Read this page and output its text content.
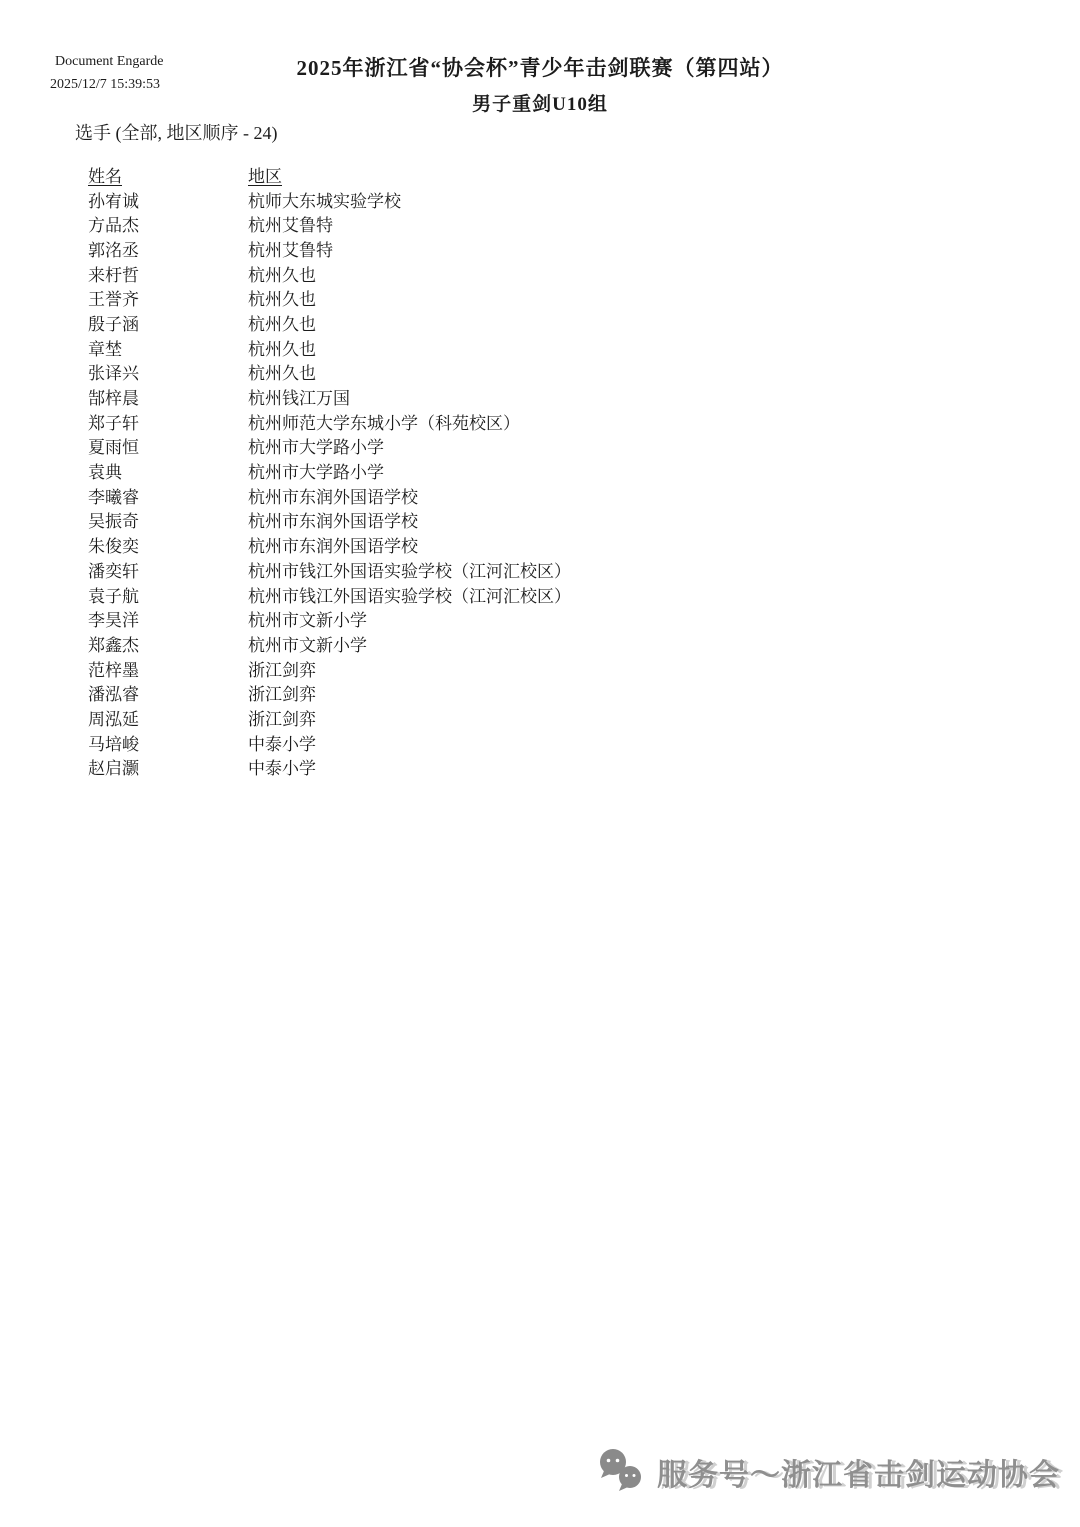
Document Engarde
2025/12/7 15:39:53
2025年浙江省“协会杯”青少年击剑联赛（第四站）
男子重剑U10组
选手 (全部, 地区顺序 - 24)
姓名	地区
孙宥诚	杭师大东城实验学校
方品杰	杭州艾鲁特
郭洺丞	杭州艾鲁特
来杅哲	杭州久也
王誉齐	杭州久也
殷子涵	杭州久也
章埜	杭州久也
张译兴	杭州久也
郜梓晨	杭州钱江万国
郑子轩	杭州师范大学东城小学（科苑校区）
夏雨恒	杭州市大学路小学
袁典	杭州市大学路小学
李曦睿	杭州市东润外国语学校
吴振奇	杭州市东润外国语学校
朱俊奕	杭州市东润外国语学校
潘奕轩	杭州市钱江外国语实验学校（江河汇校区）
袁子航	杭州市钱江外国语实验学校（江河汇校区）
李昊洋	杭州市文新小学
郑鑫杰	杭州市文新小学
范梓墨	浙江剑弈
潘泓睿	浙江剑弈
周泓延	浙江剑弈
马培峻	中泰小学
赵启灏	中泰小学
服务号～浙江省击剑运动协会
